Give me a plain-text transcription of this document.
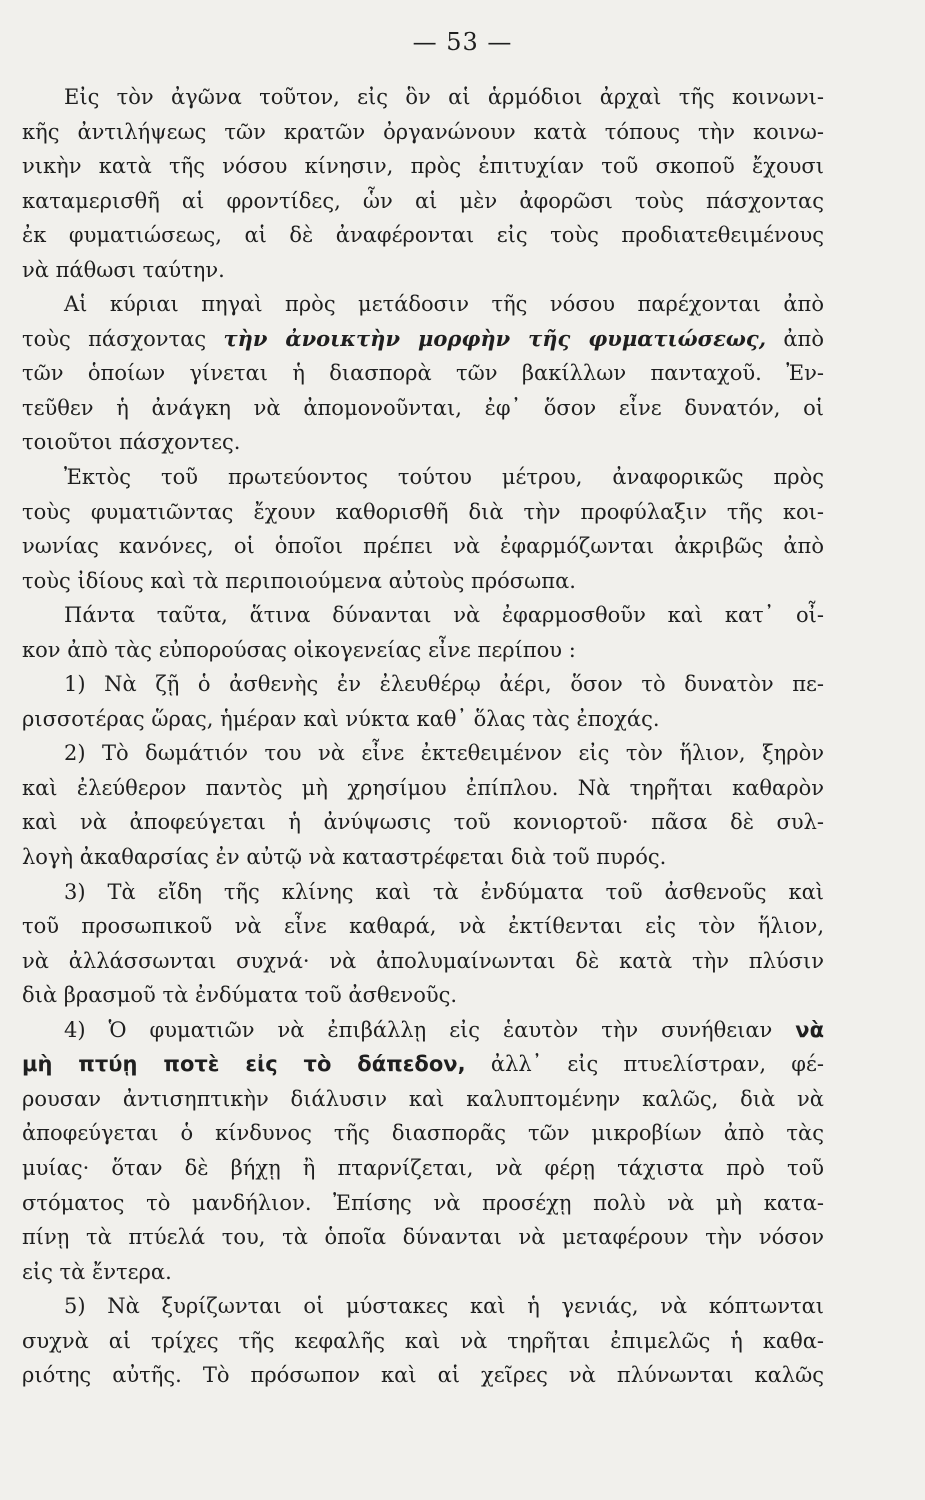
— 53 —
Εἰς τὸν ἀγῶνα τοῦτον, εἰς ὃν αἱ ἁρμόδιοι ἀρχαὶ τῆς κοινωνι-
κῆς ἀντιλήψεως τῶν κρατῶν ὀργανώνουν κατὰ τόπους τὴν κοινω-
νικὴν κατὰ τῆς νόσου κίνησιν, πρὸς ἐπιτυχίαν τοῦ σκοποῦ ἔχουσι
καταμερισθῆ αἱ φροντίδες, ὧν αἱ μὲν ἀφορῶσι τοὺς πάσχοντας
ἐκ φυματιώσεως, αἱ δὲ ἀναφέρονται εἰς τοὺς προδιατεθειμένους
νὰ πάθωσι ταύτην.
Αἱ κύριαι πηγαὶ πρὸς μετάδοσιν τῆς νόσου παρέχονται ἀπὸ
τοὺς πάσχοντας τὴν ἀνοικτὴν μορφὴν τῆς φυματιώσεως, ἀπὸ
τῶν ὁποίων γίνεται ἡ διασπορὰ τῶν βακίλλων πανταχοῦ. Ἐν-
τεῦθεν ἡ ἀνάγκη νὰ ἀπομονοῦνται, ἐφ᾽ ὅσον εἶνε δυνατόν, οἱ
τοιοῦτοι πάσχοντες.
Ἐκτὸς τοῦ πρωτεύοντος τούτου μέτρου, ἀναφορικῶς πρὸς
τοὺς φυματιῶντας ἔχουν καθορισθῆ διὰ τὴν προφύλαξιν τῆς κοι-
νωνίας κανόνες, οἱ ὁποῖοι πρέπει νὰ ἐφαρμόζωνται ἀκριβῶς ἀπὸ
τοὺς ἰδίους καὶ τὰ περιποιούμενα αὐτοὺς πρόσωπα.
Πάντα ταῦτα, ἅτινα δύνανται νὰ ἐφαρμοσθοῦν καὶ κατ᾽ οἶ-
κον ἀπὸ τὰς εὐπορούσας οἰκογενείας εἶνε περίπου :
1) Νὰ ζῇ ὁ ἀσθενὴς ἐν ἐλευθέρῳ ἀέρι, ὅσον τὸ δυνατὸν πε-
ρισσοτέρας ὥρας, ἡμέραν καὶ νύκτα καθ᾽ ὅλας τὰς ἐποχάς.
2) Τὸ δωμάτιόν του νὰ εἶνε ἐκτεθειμένον εἰς τὸν ἥλιον, ξηρὸν
καὶ ἐλεύθερον παντὸς μὴ χρησίμου ἐπίπλου. Νὰ τηρῆται καθαρὸν
καὶ νὰ ἀποφεύγεται ἡ ἀνύψωσις τοῦ κονιορτοῦ· πᾶσα δὲ συλ-
λογὴ ἀκαθαρσίας ἐν αὐτῷ νὰ καταστρέφεται διὰ τοῦ πυρός.
3) Τὰ εἴδη τῆς κλίνης καὶ τὰ ἐνδύματα τοῦ ἀσθενοῦς καὶ
τοῦ προσωπικοῦ νὰ εἶνε καθαρά, νὰ ἐκτίθενται εἰς τὸν ἥλιον,
νὰ ἀλλάσσωνται συχνά· νὰ ἀπολυμαίνωνται δὲ κατὰ τὴν πλύσιν
διὰ βρασμοῦ τὰ ἐνδύματα τοῦ ἀσθενοῦς.
4) Ὁ φυματιῶν νὰ ἐπιβάλλῃ εἰς ἑαυτὸν τὴν συνήθειαν νὰ
μὴ πτύῃ ποτὲ εἰς τὸ δάπεδον, ἀλλ᾽ εἰς πτυελίστραν, φέ-
ρουσαν ἀντισηπτικὴν διάλυσιν καὶ καλυπτομένην καλῶς, διὰ νὰ
ἀποφεύγεται ὁ κίνδυνος τῆς διασπορᾶς τῶν μικροβίων ἀπὸ τὰς
μυίας· ὅταν δὲ βήχῃ ἢ πταρνίζεται, νὰ φέρῃ τάχιστα πρὸ τοῦ
στόματος τὸ μανδήλιον. Ἐπίσης νὰ προσέχῃ πολὺ νὰ μὴ κατα-
πίνῃ τὰ πτύελά του, τὰ ὁποῖα δύνανται νὰ μεταφέρουν τὴν νόσον
εἰς τὰ ἔντερα.
5) Νὰ ξυρίζωνται οἱ μύστακες καὶ ἡ γενιάς, νὰ κόπτωνται
συχνὰ αἱ τρίχες τῆς κεφαλῆς καὶ νὰ τηρῆται ἐπιμελῶς ἡ καθα-
ριότης αὐτῆς. Τὸ πρόσωπον καὶ αἱ χεῖρες νὰ πλύνωνται καλῶς
